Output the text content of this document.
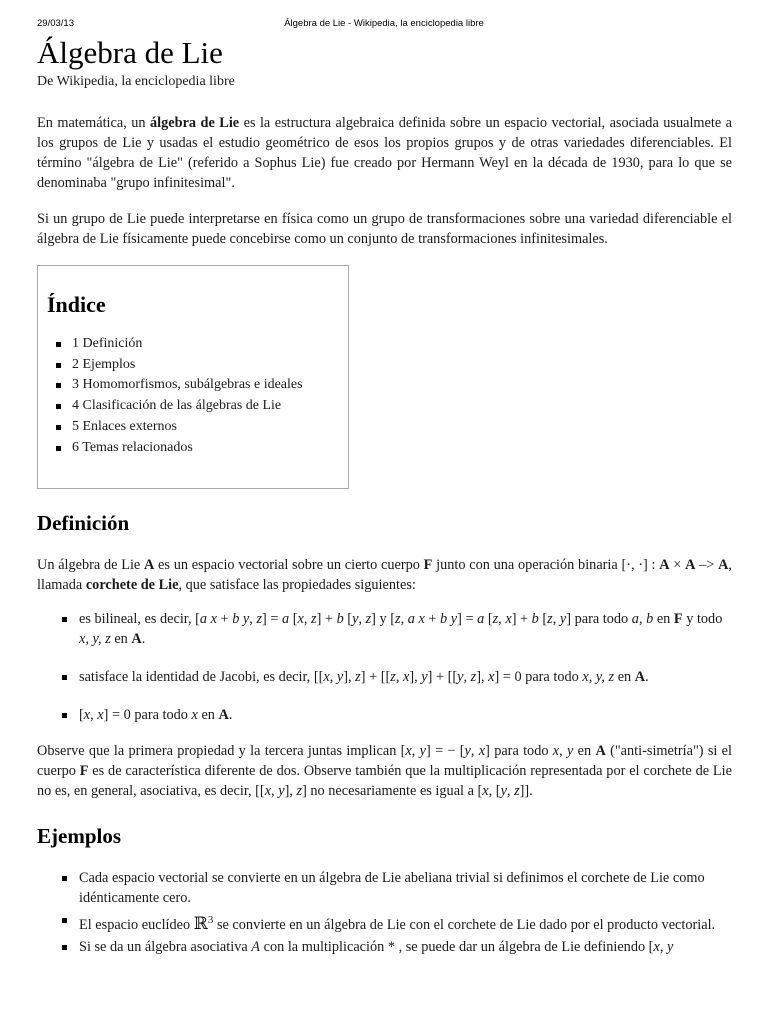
29/03/13	Álgebra de Lie - Wikipedia, la enciclopedia libre
Álgebra de Lie
De Wikipedia, la enciclopedia libre

En matemática, un álgebra de Lie es la estructura algebraica definida sobre un espacio vectorial, asociada usualmete a los grupos de Lie y usadas el estudio geométrico de esos los propios grupos y de otras variedades diferenciables. El término "álgebra de Lie" (referido a Sophus Lie) fue creado por Hermann Weyl en la década de 1930, para lo que se denominaba "grupo infinitesimal".

Si un grupo de Lie puede interpretarse en física como un grupo de transformaciones sobre una variedad diferenciable el álgebra de Lie físicamente puede concebirse como un conjunto de transformaciones infinitesimales.

Índice
1 Definición
2 Ejemplos
3 Homomorfismos, subálgebras e ideales
4 Clasificación de las álgebras de Lie
5 Enlaces externos
6 Temas relacionados
Definición

Un álgebra de Lie A es un espacio vectorial sobre un cierto cuerpo F junto con una operación binaria [·, ·] : A × A –> A, llamada corchete de Lie, que satisface las propiedades siguientes:

es bilineal, es decir, [a x + b y, z] = a [x, z] + b [y, z] y [z, a x + b y] = a [z, x] + b [z, y] para todo a, b en F y todo x, y, z en A.
satisface la identidad de Jacobi, es decir, [[x, y], z] + [[z, x], y] + [[y, z], x] = 0 para todo x, y, z en A.
[x, x] = 0 para todo x en A.

Observe que la primera propiedad y la tercera juntas implican [x, y] = − [y, x] para todo x, y en A ("anti-simetría") si el cuerpo F es de característica diferente de dos. Observe también que la multiplicación representada por el corchete de Lie no es, en general, asociativa, es decir, [[x, y], z] no necesariamente es igual a [x, [y, z]].

Ejemplos
Cada espacio vectorial se convierte en un álgebra de Lie abeliana trivial si definimos el corchete de Lie como idénticamente cero.
El espacio euclídeo ℝ$^3$ se convierte en un álgebra de Lie con el corchete de Lie dado por el producto vectorial.
Si se da un álgebra asociativa A con la multiplicación * , se puede dar un álgebra de Lie definiendo [x, y
